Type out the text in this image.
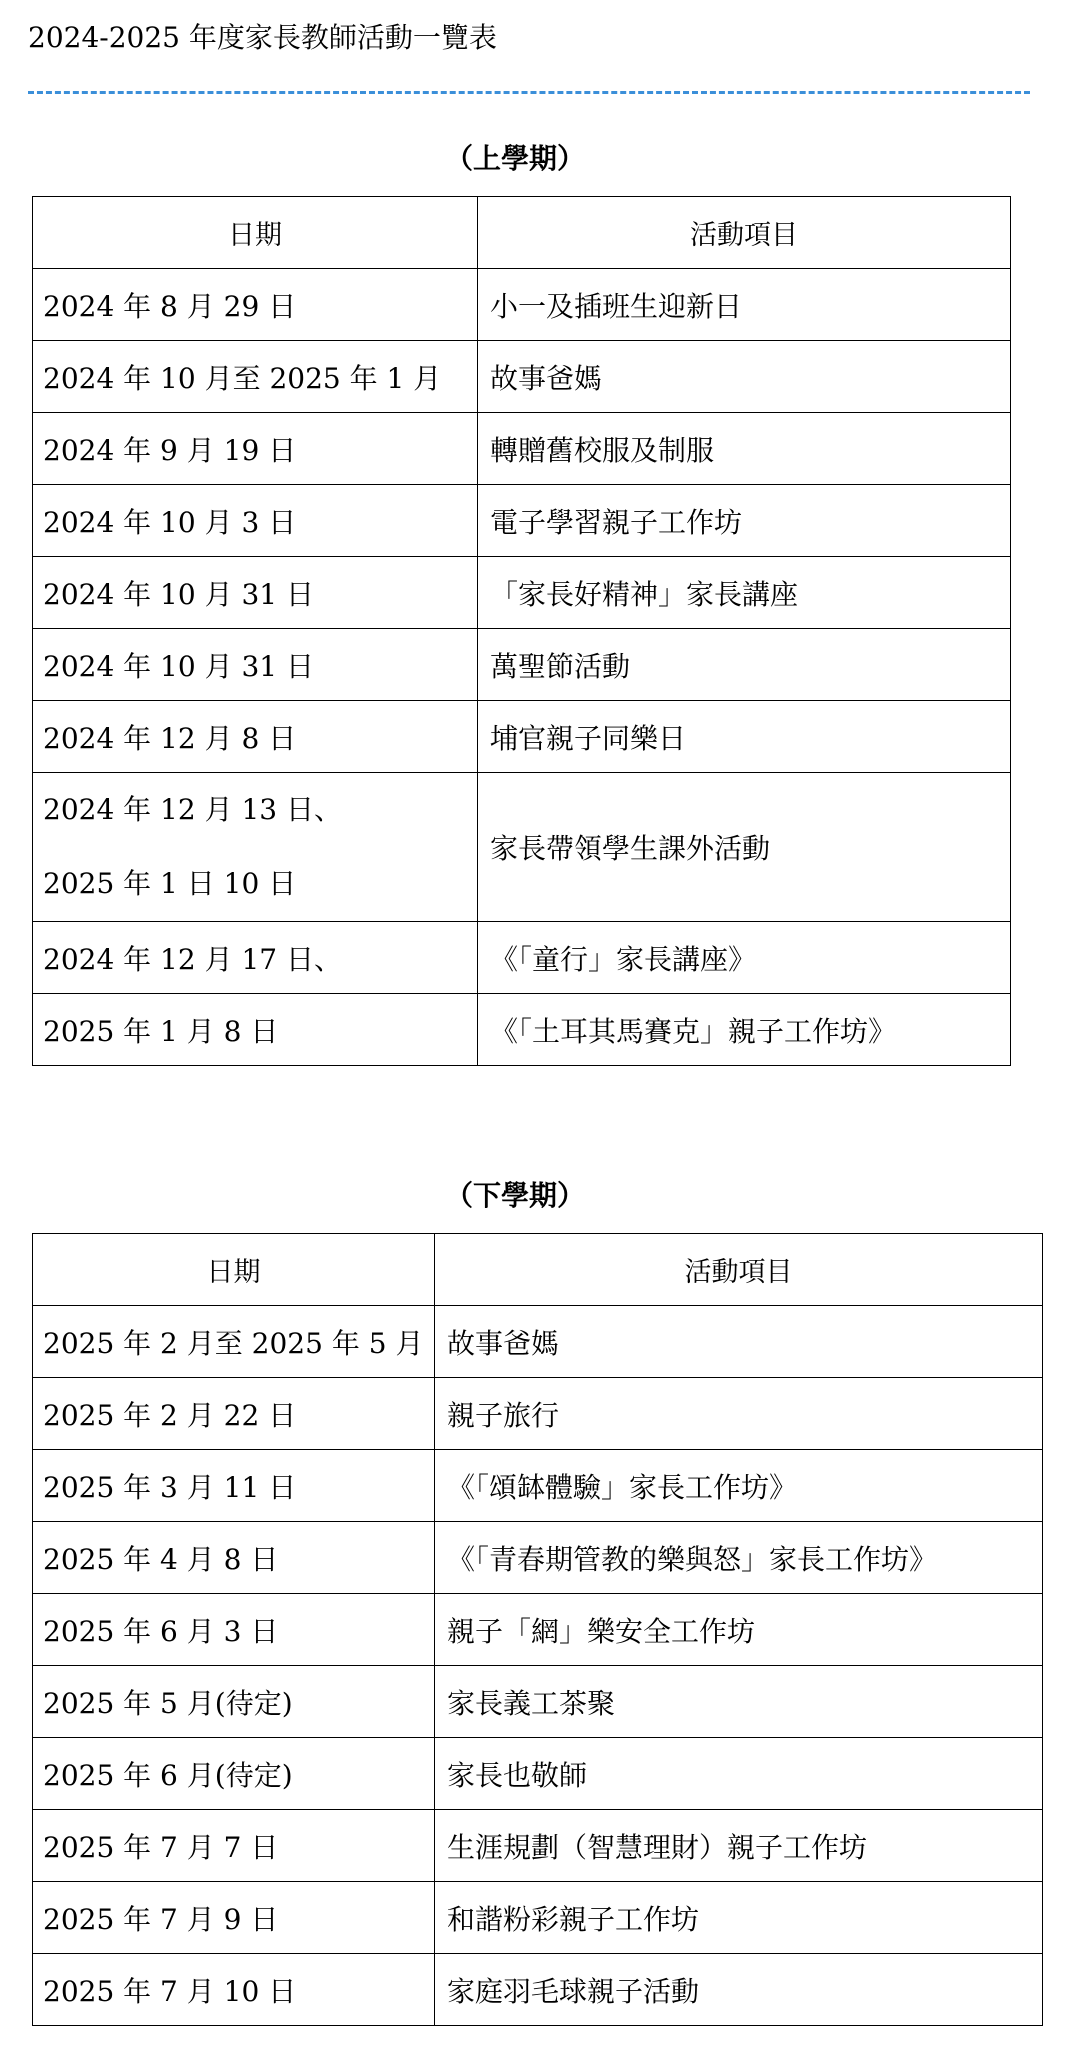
2024-2025 年度家長教師活動一覽表
（上學期）
日期	活動項目
2024 年 8 月 29 日	小一及插班生迎新日
2024 年 10 月至 2025 年 1 月	故事爸媽
2024 年 9 月 19 日	轉贈舊校服及制服
2024 年 10 月 3 日	電子學習親子工作坊
2024 年 10 月 31 日	「家長好精神」家長講座
2024 年 10 月 31 日	萬聖節活動
2024 年 12 月 8 日	埔官親子同樂日

2024 年 12 月 13 日、
2025 年 1 日 10 日	家長帶領學生課外活動
2024 年 12 月 17 日、	《「童行」家長講座》
2025 年 1 月 8 日	《「土耳其馬賽克」親子工作坊》
（下學期）
日期	活動項目
2025 年 2 月至 2025 年 5 月	故事爸媽
2025 年 2 月 22 日	親子旅行
2025 年 3 月 11 日	《「頌缽體驗」家長工作坊》
2025 年 4 月 8 日	《「青春期管教的樂與怒」家長工作坊》
2025 年 6 月 3 日	親子「網」樂安全工作坊
2025 年 5 月(待定)	家長義工茶聚
2025 年 6 月(待定)	家長也敬師
2025 年 7 月 7 日	生涯規劃（智慧理財）親子工作坊
2025 年 7 月 9 日	和諧粉彩親子工作坊
2025 年 7 月 10 日	家庭羽毛球親子活動
